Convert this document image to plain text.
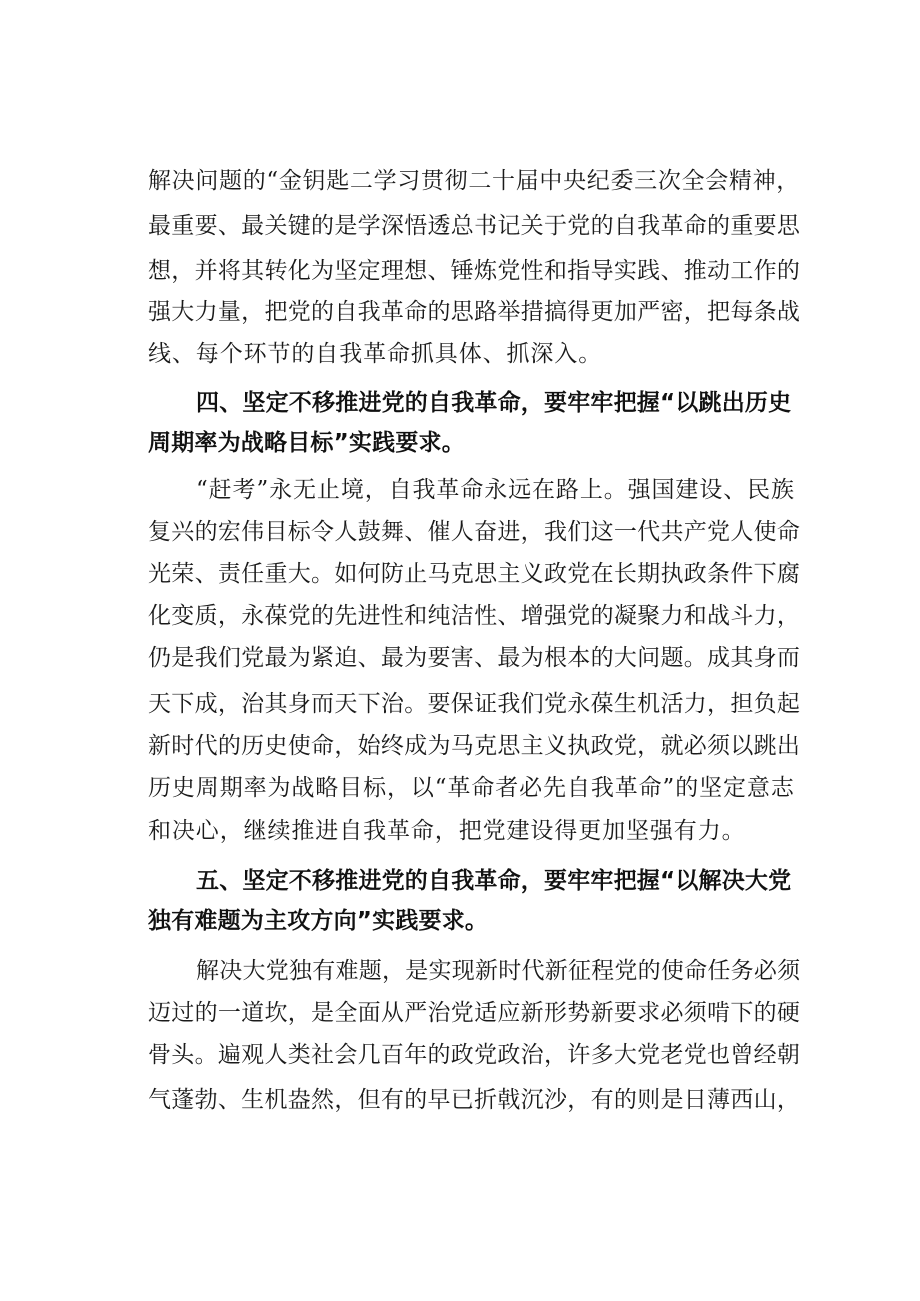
解决问题的“金钥匙二学习贯彻二十届中央纪委三次全会精神，
最重要、最关键的是学深悟透总书记关于党的自我革命的重要思
想，并将其转化为坚定理想、锤炼党性和指导实践、推动工作的
强大力量，把党的自我革命的思路举措搞得更加严密，把每条战
线、每个环节的自我革命抓具体、抓深入。
四、坚定不移推进党的自我革命，要牢牢把握“以跳出历史
周期率为战略目标”实践要求。
“赶考”永无止境，自我革命永远在路上。强国建设、民族
复兴的宏伟目标令人鼓舞、催人奋进，我们这一代共产党人使命
光荣、责任重大。如何防止马克思主义政党在长期执政条件下腐
化变质，永葆党的先进性和纯洁性、增强党的凝聚力和战斗力，
仍是我们党最为紧迫、最为要害、最为根本的大问题。成其身而
天下成，治其身而天下治。要保证我们党永葆生机活力，担负起
新时代的历史使命，始终成为马克思主义执政党，就必须以跳出
历史周期率为战略目标，以“革命者必先自我革命”的坚定意志
和决心，继续推进自我革命，把党建设得更加坚强有力。
五、坚定不移推进党的自我革命，要牢牢把握“以解决大党
独有难题为主攻方向”实践要求。
解决大党独有难题，是实现新时代新征程党的使命任务必须
迈过的一道坎，是全面从严治党适应新形势新要求必须啃下的硬
骨头。遍观人类社会几百年的政党政治，许多大党老党也曾经朝
气蓬勃、生机盎然，但有的早已折戟沉沙，有的则是日薄西山，
